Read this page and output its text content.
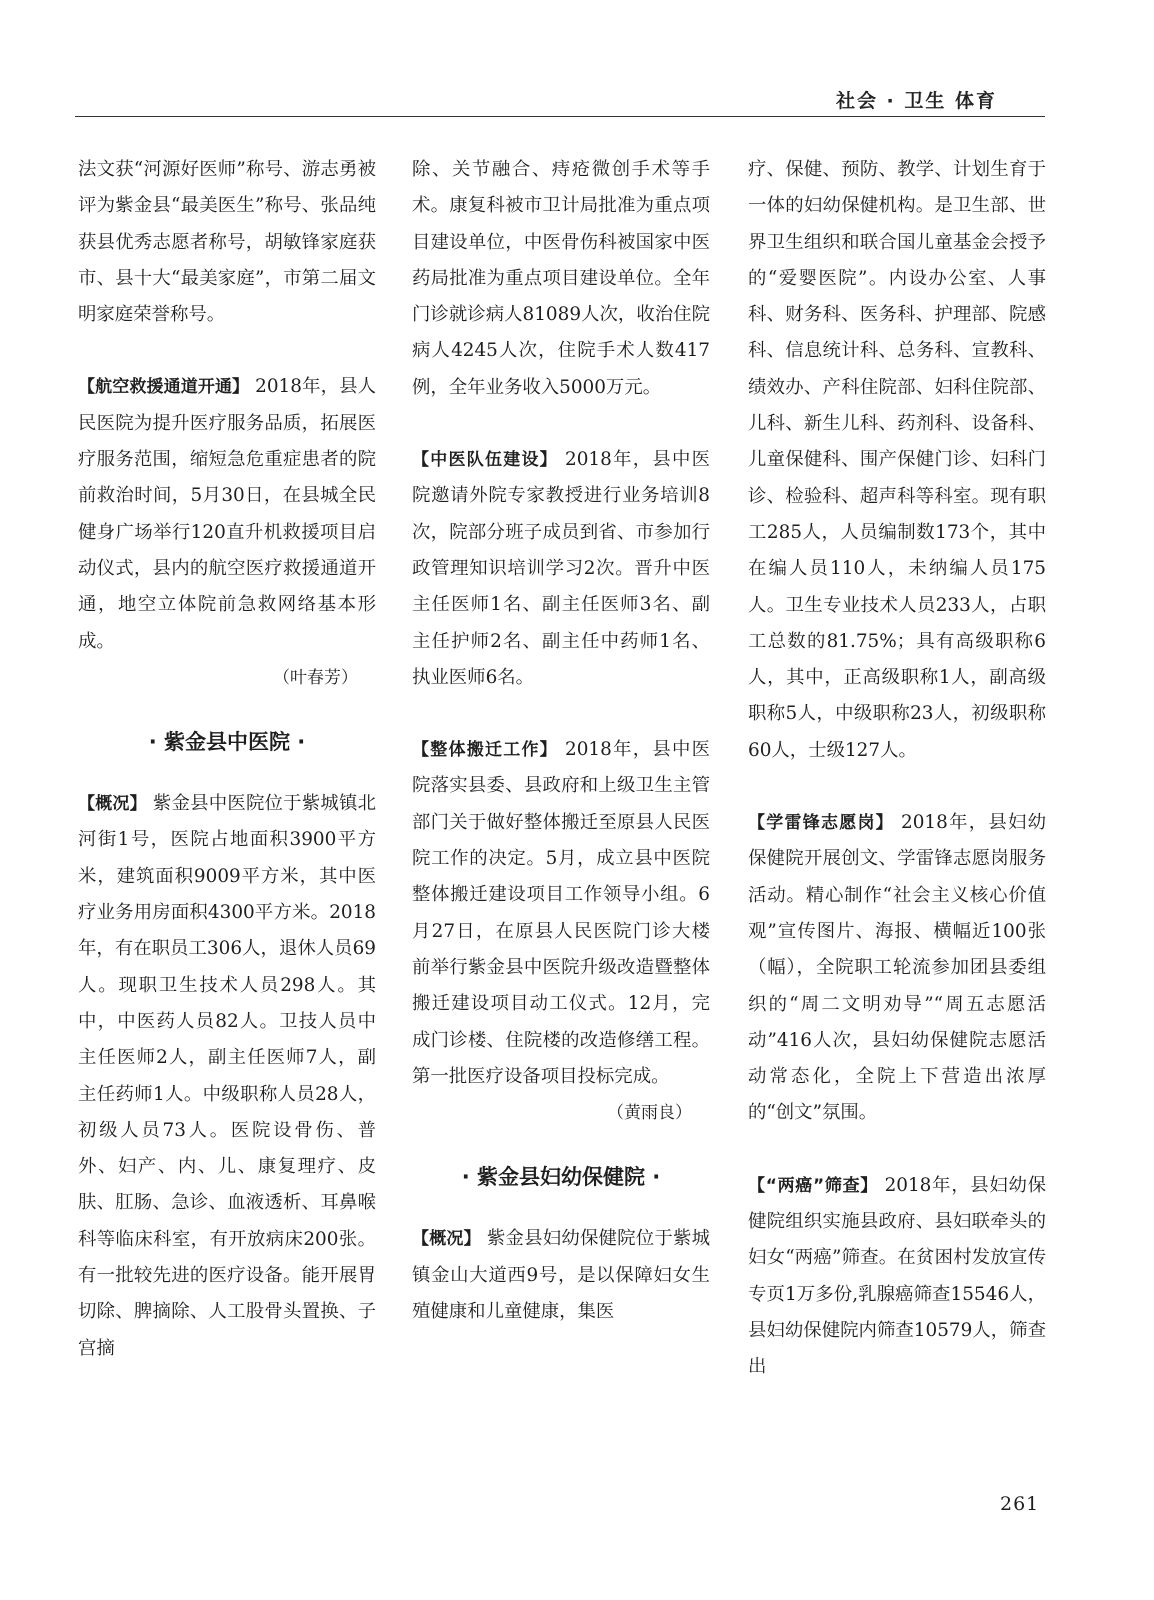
社会 · 卫生 体育

法文获“河源好医师”称号、游志勇被评为紫金县“最美医生”称号、张品纯获县优秀志愿者称号，胡敏锋家庭获市、县十大“最美家庭”，市第二届文明家庭荣誉称号。

【航空救援通道开通】 2018年，县人民医院为提升医疗服务品质，拓展医疗服务范围，缩短急危重症患者的院前救治时间，5月30日，在县城全民健身广场举行120直升机救援项目启动仪式，县内的航空医疗救援通道开通，地空立体院前急救网络基本形成。

（叶春芳）
· 紫金县中医院 ·

【概况】 紫金县中医院位于紫城镇北河街1号，医院占地面积3900平方米，建筑面积9009平方米，其中医疗业务用房面积4300平方米。2018年，有在职员工306人，退休人员69人。现职卫生技术人员298人。其中，中医药人员82人。卫技人员中主任医师2人，副主任医师7人，副主任药师1人。中级职称人员28人，初级人员73人。医院设骨伤、普外、妇产、内、儿、康复理疗、皮肤、肛肠、急诊、血液透析、耳鼻喉科等临床科室，有开放病床200张。有一批较先进的医疗设备。能开展胃切除、脾摘除、人工股骨头置换、子宫摘

除、关节融合、痔疮微创手术等手术。康复科被市卫计局批准为重点项目建设单位，中医骨伤科被国家中医药局批准为重点项目建设单位。全年门诊就诊病人81089人次，收治住院病人4245人次，住院手术人数417例，全年业务收入5000万元。

【中医队伍建设】 2018年，县中医院邀请外院专家教授进行业务培训8次，院部分班子成员到省、市参加行政管理知识培训学习2次。晋升中医主任医师1名、副主任医师3名、副主任护师2名、副主任中药师1名、执业医师6名。

【整体搬迁工作】 2018年，县中医院落实县委、县政府和上级卫生主管部门关于做好整体搬迁至原县人民医院工作的决定。5月，成立县中医院整体搬迁建设项目工作领导小组。6月27日，在原县人民医院门诊大楼前举行紫金县中医院升级改造暨整体搬迁建设项目动工仪式。12月，完成门诊楼、住院楼的改造修缮工程。第一批医疗设备项目投标完成。

（黄雨良）
· 紫金县妇幼保健院 ·

【概况】 紫金县妇幼保健院位于紫城镇金山大道西9号，是以保障妇女生殖健康和儿童健康，集医

疗、保健、预防、教学、计划生育于一体的妇幼保健机构。是卫生部、世界卫生组织和联合国儿童基金会授予的“爱婴医院”。内设办公室、人事科、财务科、医务科、护理部、院感科、信息统计科、总务科、宣教科、绩效办、产科住院部、妇科住院部、儿科、新生儿科、药剂科、设备科、儿童保健科、围产保健门诊、妇科门诊、检验科、超声科等科室。现有职工285人，人员编制数173个，其中在编人员110人，未纳编人员175人。卫生专业技术人员233人，占职工总数的81.75%；具有高级职称6人，其中，正高级职称1人，副高级职称5人，中级职称23人，初级职称60人，士级127人。

【学雷锋志愿岗】 2018年，县妇幼保健院开展创文、学雷锋志愿岗服务活动。精心制作“社会主义核心价值观”宣传图片、海报、横幅近100张（幅），全院职工轮流参加团县委组织的“周二文明劝导”“周五志愿活动”416人次，县妇幼保健院志愿活动常态化，全院上下营造出浓厚的“创文”氛围。

【“两癌”筛查】 2018年，县妇幼保健院组织实施县政府、县妇联牵头的妇女“两癌”筛查。在贫困村发放宣传专页1万多份,乳腺癌筛查15546人，县妇幼保健院内筛查10579人，筛查出

261
